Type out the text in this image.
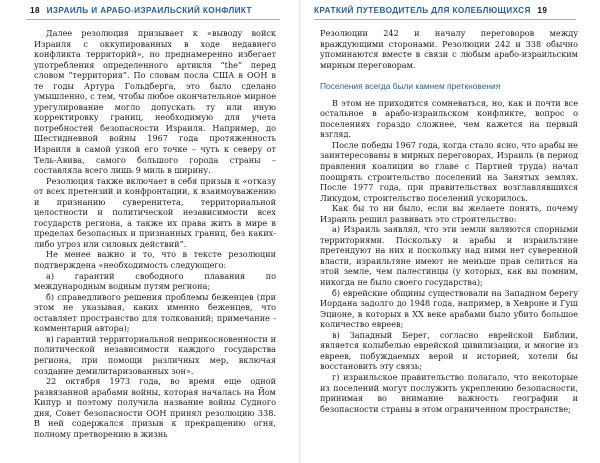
18 ИЗРАИЛЬ И АРАБО-ИЗРАИЛЬСКИЙ КОНФЛИКТ

Далее резолюция призывает к «выводу войск Израиля с оккупированных в ходе недавнего конфликта территорий», но преднамеренно избегает употребления определенного артикля “the” перед словом “территория”. По словам посла США в ООН в те годы Артура Гольдберга, это было сделано умышленно, с тем, чтобы любое окончательное мирное урегулирование могло допускать ту или иную корректировку границ, необходимую для учета потребностей безопасности Израиля. Например, до Шестидневной войны 1967 года протяженность Израиля в самой узкой его точке – чуть к северу от Тель-Авива, самого большого города страны – составляла всего лишь 9 миль в ширину.

Резолюция также включает в себя призыв к «отказу от всех претензий и конфронтации, к взаимоуважению и признанию суверенитета, территориальной целостности и политической независимости всех государств региона, а также их права жить в мире в пределах безопасных и признанных границ, без каких-либо угроз или силовых действий”.

Не менее важно и то, что в тексте резолюции подтверждена «необходимость следующего:

а) гарантий свободного плавания по международным водным путям региона;

б) справедливого решения проблемы беженцев (при этом не указывая, каких именно беженцев, что оставляет пространство для толкований; примечание - комментарий автора);

в) гарантий территориальной неприкосновенности и политической независимости каждого государства региона, при помощи различных мер, включая создание демилитаризованных зон».

22 октября 1973 года, во время еще одной развязанной арабами войны, которая началась на Йом Кипур и поэтому получила название войны Судного дня, Совет безопасности ООН принял резолюцию 338. В ней содержался призыв к прекращению огня, полному претворению в жизнь

КРАТКИЙ ПУТЕВОДИТЕЛЬ ДЛЯ КОЛЕБЛЮЩИХСЯ 19

Резолюции 242 и началу переговоров между враждующими сторонами. Резолюции 242 и 338 обычно упоминаются вместе в связи с любым арабо-израильским мирным переговорам.

Поселения всегда были камнем преткновения

В этом не приходится сомневаться, но, как и почти все остальное в арабо-израильском конфликте, вопрос о поселениях гораздо сложнее, чем кажется на первый взгляд.

После победы 1967 года, когда стало ясно, что арабы не заинтересованы в мирных переговорах, Израиль (в период правления коалиции во главе с Партией труда) начал поощрять строительство поселений на Занятых землях. После 1977 года, при правительствах возглавлявшихся Ликудом, строительство поселений ускорилось.

Как бы то ни было, если вы желаете понять, почему Израиль решил развивать это строительство:

а) Израиль заявлял, что эти земли являются спорными территориями. Поскольку и арабы и израильтяне претендуют на них и поскольку над ними нет суверенной власти, израильтяне имеют не меньше прав селиться на этой земле, чем палестинцы (у которых, как вы помним, никогда не было своего государства);

б) еврейские общины существовали на Западном берегу Иордана задолго до 1948 года, например, в Хевроне и Гуш Эционе, в которых в ХХ веке арабами было убито большое количество евреев;

в) Западный Берег, согласно еврейской Библии, является колыбелью еврейской цивилизации, и многие из евреев, побуждаемых верой и историей, хотели бы восстановить эту связь;

г) израильское правительство полагало, что некоторые из поселений могут послужить укреплению безопасности, принимая во внимание важность географии и безопасности страны в этом ограниченном пространстве;
